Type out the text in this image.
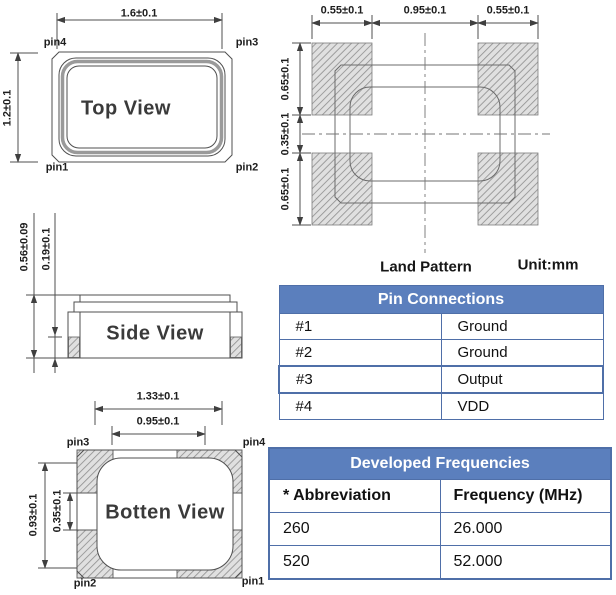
1.6±0.1
1.2±0.1
pin4	pin3
pin1	pin2
Top View
0.55±0.1	0.95±0.1	0.55±0.1
0.65±0.1
0.35±0.1
0.65±0.1
Land Pattern	Unit:mm
0.56±0.09 0.19±0.1
Side View
1.33±0.1
0.95±0.1
0.93±0.1 0.35±0.1
pin3	pin4
pin2	pin1
Botten View
Pin Connections	
#1	Ground
#2	Ground
#3	Output
#4	VDD
Developed Frequencies	
* Abbreviation	Frequency (MHz)
260	26.000
520	52.000
